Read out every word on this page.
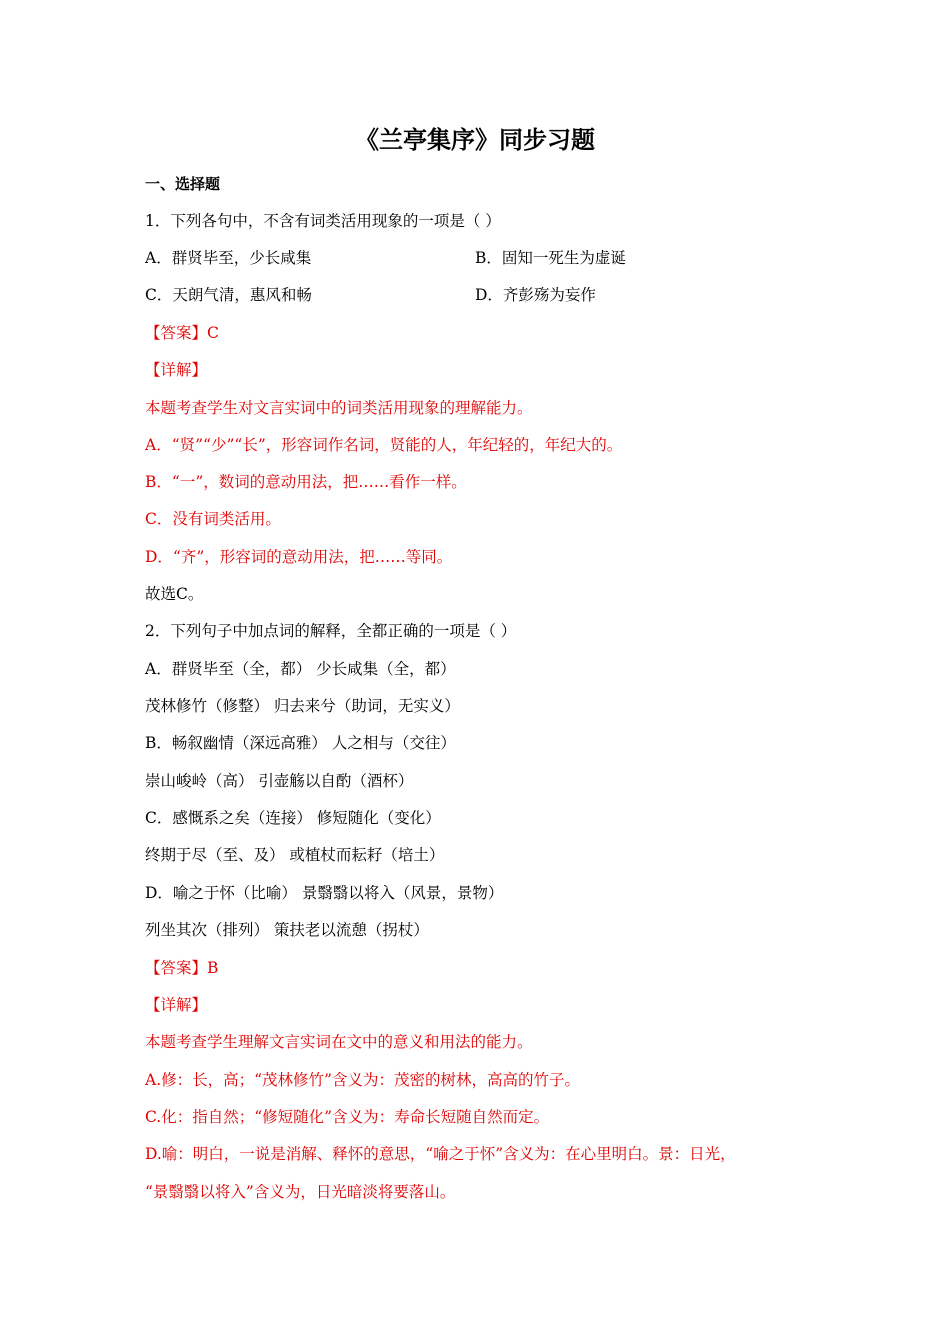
《兰亭集序》同步习题
一、选择题
1．下列各句中，不含有词类活用现象的一项是（ ）
A．群贤毕至，少长咸集	B．固知一死生为虚诞
C．天朗气清，惠风和畅	D．齐彭殇为妄作
【答案】C
【详解】
本题考查学生对文言实词中的词类活用现象的理解能力。
A．“贤”“少”“长”，形容词作名词，贤能的人，年纪轻的，年纪大的。
B．“一”，数词的意动用法，把……看作一样。
C．没有词类活用。
D．“齐”，形容词的意动用法，把……等同。
故选C。
2．下列句子中加点词的解释，全都正确的一项是（ ）
A．群贤毕至（全，都） 少长咸集（全，都）
茂林修竹（修整） 归去来兮（助词，无实义）
B．畅叙幽情（深远高雅） 人之相与（交往）
崇山峻岭（高） 引壶觞以自酌（酒杯）
C．感慨系之矣（连接） 修短随化（变化）
终期于尽（至、及） 或植杖而耘耔（培土）
D．喻之于怀（比喻） 景翳翳以将入（风景，景物）
列坐其次（排列） 策扶老以流憩（拐杖）
【答案】B
【详解】
本题考查学生理解文言实词在文中的意义和用法的能力。
A.修：长，高；“茂林修竹”含义为：茂密的树林，高高的竹子。
C.化：指自然；“修短随化”含义为：寿命长短随自然而定。
D.喻：明白，一说是消解、释怀的意思，“喻之于怀”含义为：在心里明白。景：日光，
“景翳翳以将入”含义为，日光暗淡将要落山。
